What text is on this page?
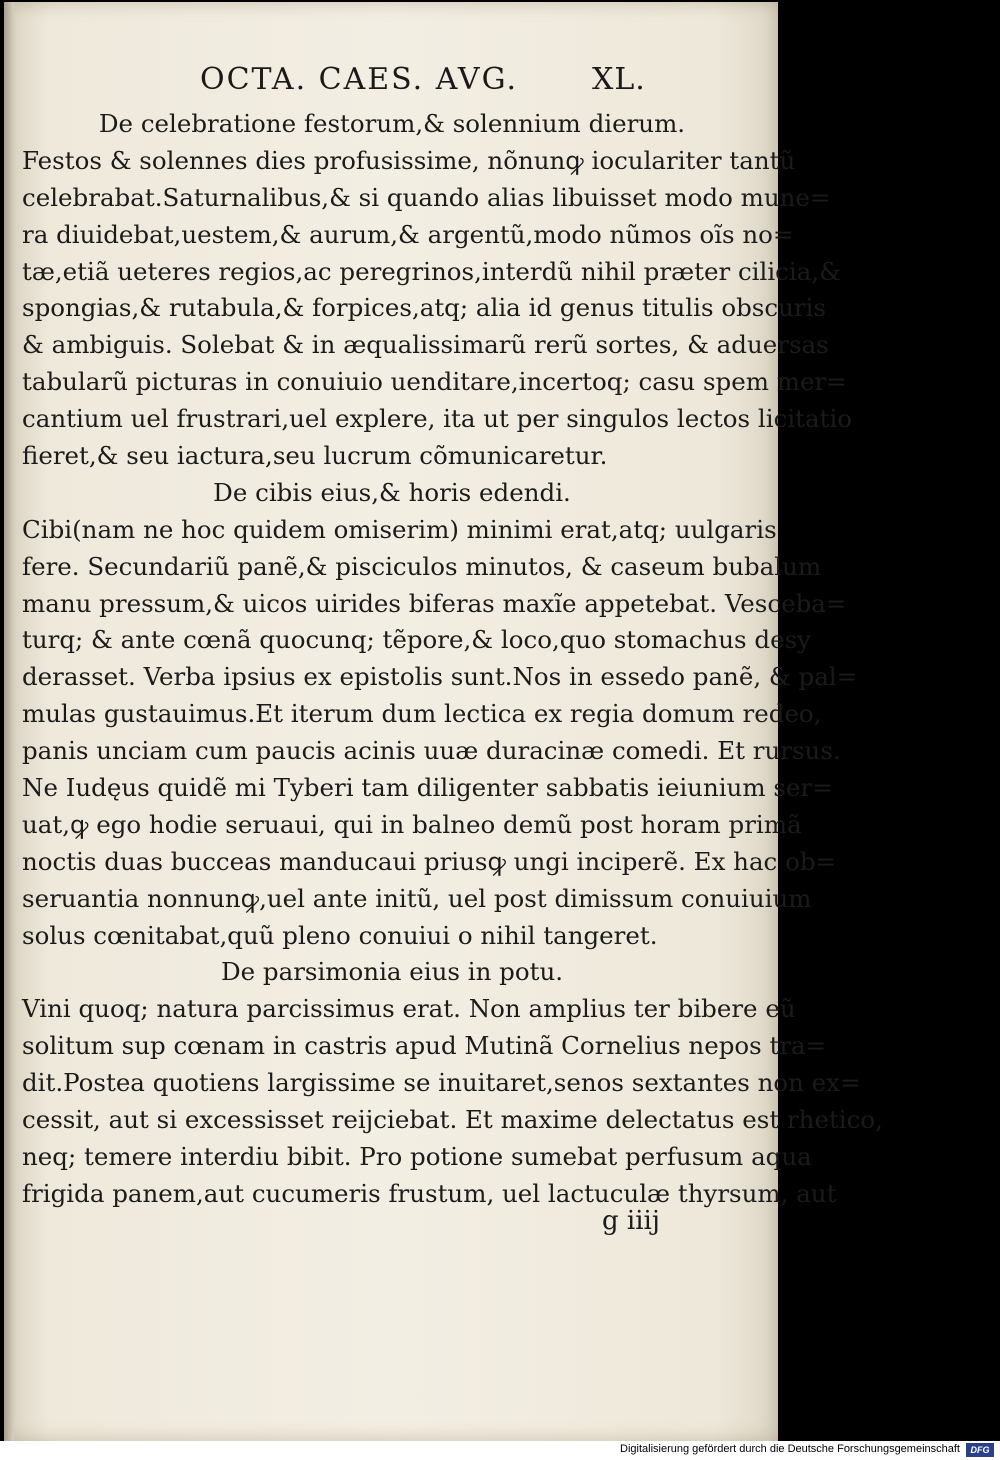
OCTA. CAES. AVG. XL.
De celebratione festorum,& solennium dierum.
Festos & solennes dies profusissime, nõnunꝙ ioculariter tantũ
celebrabat.Saturnalibus,& si quando alias libuisset modo mune=
ra diuidebat,uestem,& aurum,& argentũ,modo nũmos oĩs no=
tæ,etiã ueteres regios,ac peregrinos,interdũ nihil præter cilicia,&
spongias,& rutabula,& forpices,atq; alia id genus titulis obscuris
& ambiguis. Solebat & in æqualissimarũ rerũ sortes, & aduersas
tabularũ picturas in conuiuio uenditare,incertoq; casu spem mer=
cantium uel frustrari,uel explere, ita ut per singulos lectos licitatio
fieret,& seu iactura,seu lucrum cõmunicaretur.
De cibis eius,& horis edendi.
Cibi(nam ne hoc quidem omiserim) minimi erat,atq; uulgaris
fere. Secundariũ panẽ,& pisciculos minutos, & caseum bubalum
manu pressum,& uicos uirides biferas maxĩe appetebat. Vesceba=
turq; & ante cœnã quocunq; tẽpore,& loco,quo stomachus desy
derasset. Verba ipsius ex epistolis sunt.Nos in essedo panẽ, & pal=
mulas gustauimus.Et iterum dum lectica ex regia domum redeo,
panis unciam cum paucis acinis uuæ duracinæ comedi. Et rursus.
Ne Iudęus quidẽ mi Tyberi tam diligenter sabbatis ieiunium ser=
uat,ꝙ ego hodie seruaui, qui in balneo demũ post horam primã
noctis duas bucceas manducaui priusꝙ ungi inciperẽ. Ex hac ob=
seruantia nonnunꝙ,uel ante initũ, uel post dimissum conuiuium
solus cœnitabat,quũ pleno conuiui o nihil tangeret.
De parsimonia eius in potu.
Vini quoq; natura parcissimus erat. Non amplius ter bibere eũ
solitum sup cœnam in castris apud Mutinã Cornelius nepos tra=
dit.Postea quotiens largissime se inuitaret,senos sextantes non ex=
cessit, aut si excessisset reijciebat. Et maxime delectatus est rhetico,
neq; temere interdiu bibit. Pro potione sumebat perfusum aqua
frigida panem,aut cucumeris frustum, uel lactuculæ thyrsum, aut
g iiij
Digitalisierung gefördert durch die Deutsche Forschungsgemeinschaft	DFG
